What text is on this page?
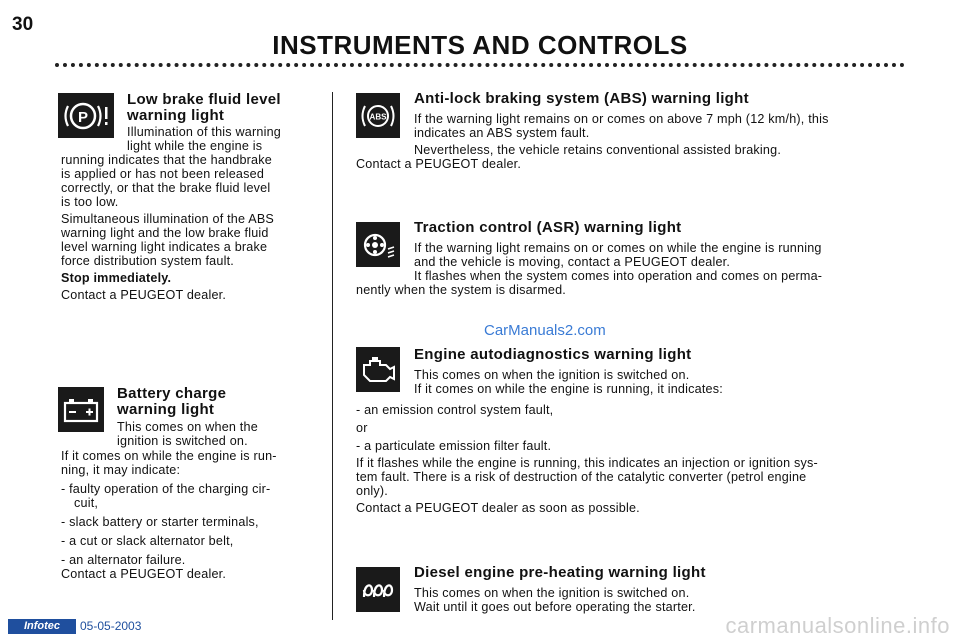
30
INSTRUMENTS AND CONTROLS
P
Low brake fluid level
warning light
Illumination of this warning
light while the engine is
running indicates that the handbrake
is applied or has not been released
correctly, or that the brake fluid level
is too low.
Simultaneous illumination of the ABS
warning light and the low brake fluid
level warning light indicates a brake
force distribution system fault.
Stop immediately.
Contact a PEUGEOT dealer.
Battery charge
warning light
This comes on when the
ignition is switched on.
If it comes on while the engine is run-
ning, it may indicate:
- faulty operation of the charging cir-
cuit,
- slack battery or starter terminals,
- a cut or slack alternator belt,
- an alternator failure.
Contact a PEUGEOT dealer.
ABS
Anti-lock braking system (ABS) warning light
If the warning light remains on or comes on above 7 mph (12 km/h), this
indicates an ABS system fault.
Nevertheless, the vehicle retains conventional assisted braking.
Contact a PEUGEOT dealer.
Traction control (ASR) warning light
If the warning light remains on or comes on while the engine is running
and the vehicle is moving, contact a PEUGEOT dealer.
It flashes when the system comes into operation and comes on perma-
nently when the system is disarmed.
CarManuals2.com
Engine autodiagnostics warning light
This comes on when the ignition is switched on.
If it comes on while the engine is running, it indicates:
- an emission control system fault,
or
- a particulate emission filter fault.
If it flashes while the engine is running, this indicates an injection or ignition sys-
tem fault. There is a risk of destruction of the catalytic converter (petrol engine
only).
Contact a PEUGEOT dealer as soon as possible.
Diesel engine pre-heating warning light
This comes on when the ignition is switched on.
Wait until it goes out before operating the starter.
Infotec	05-05-2003	carmanualsonline.info
